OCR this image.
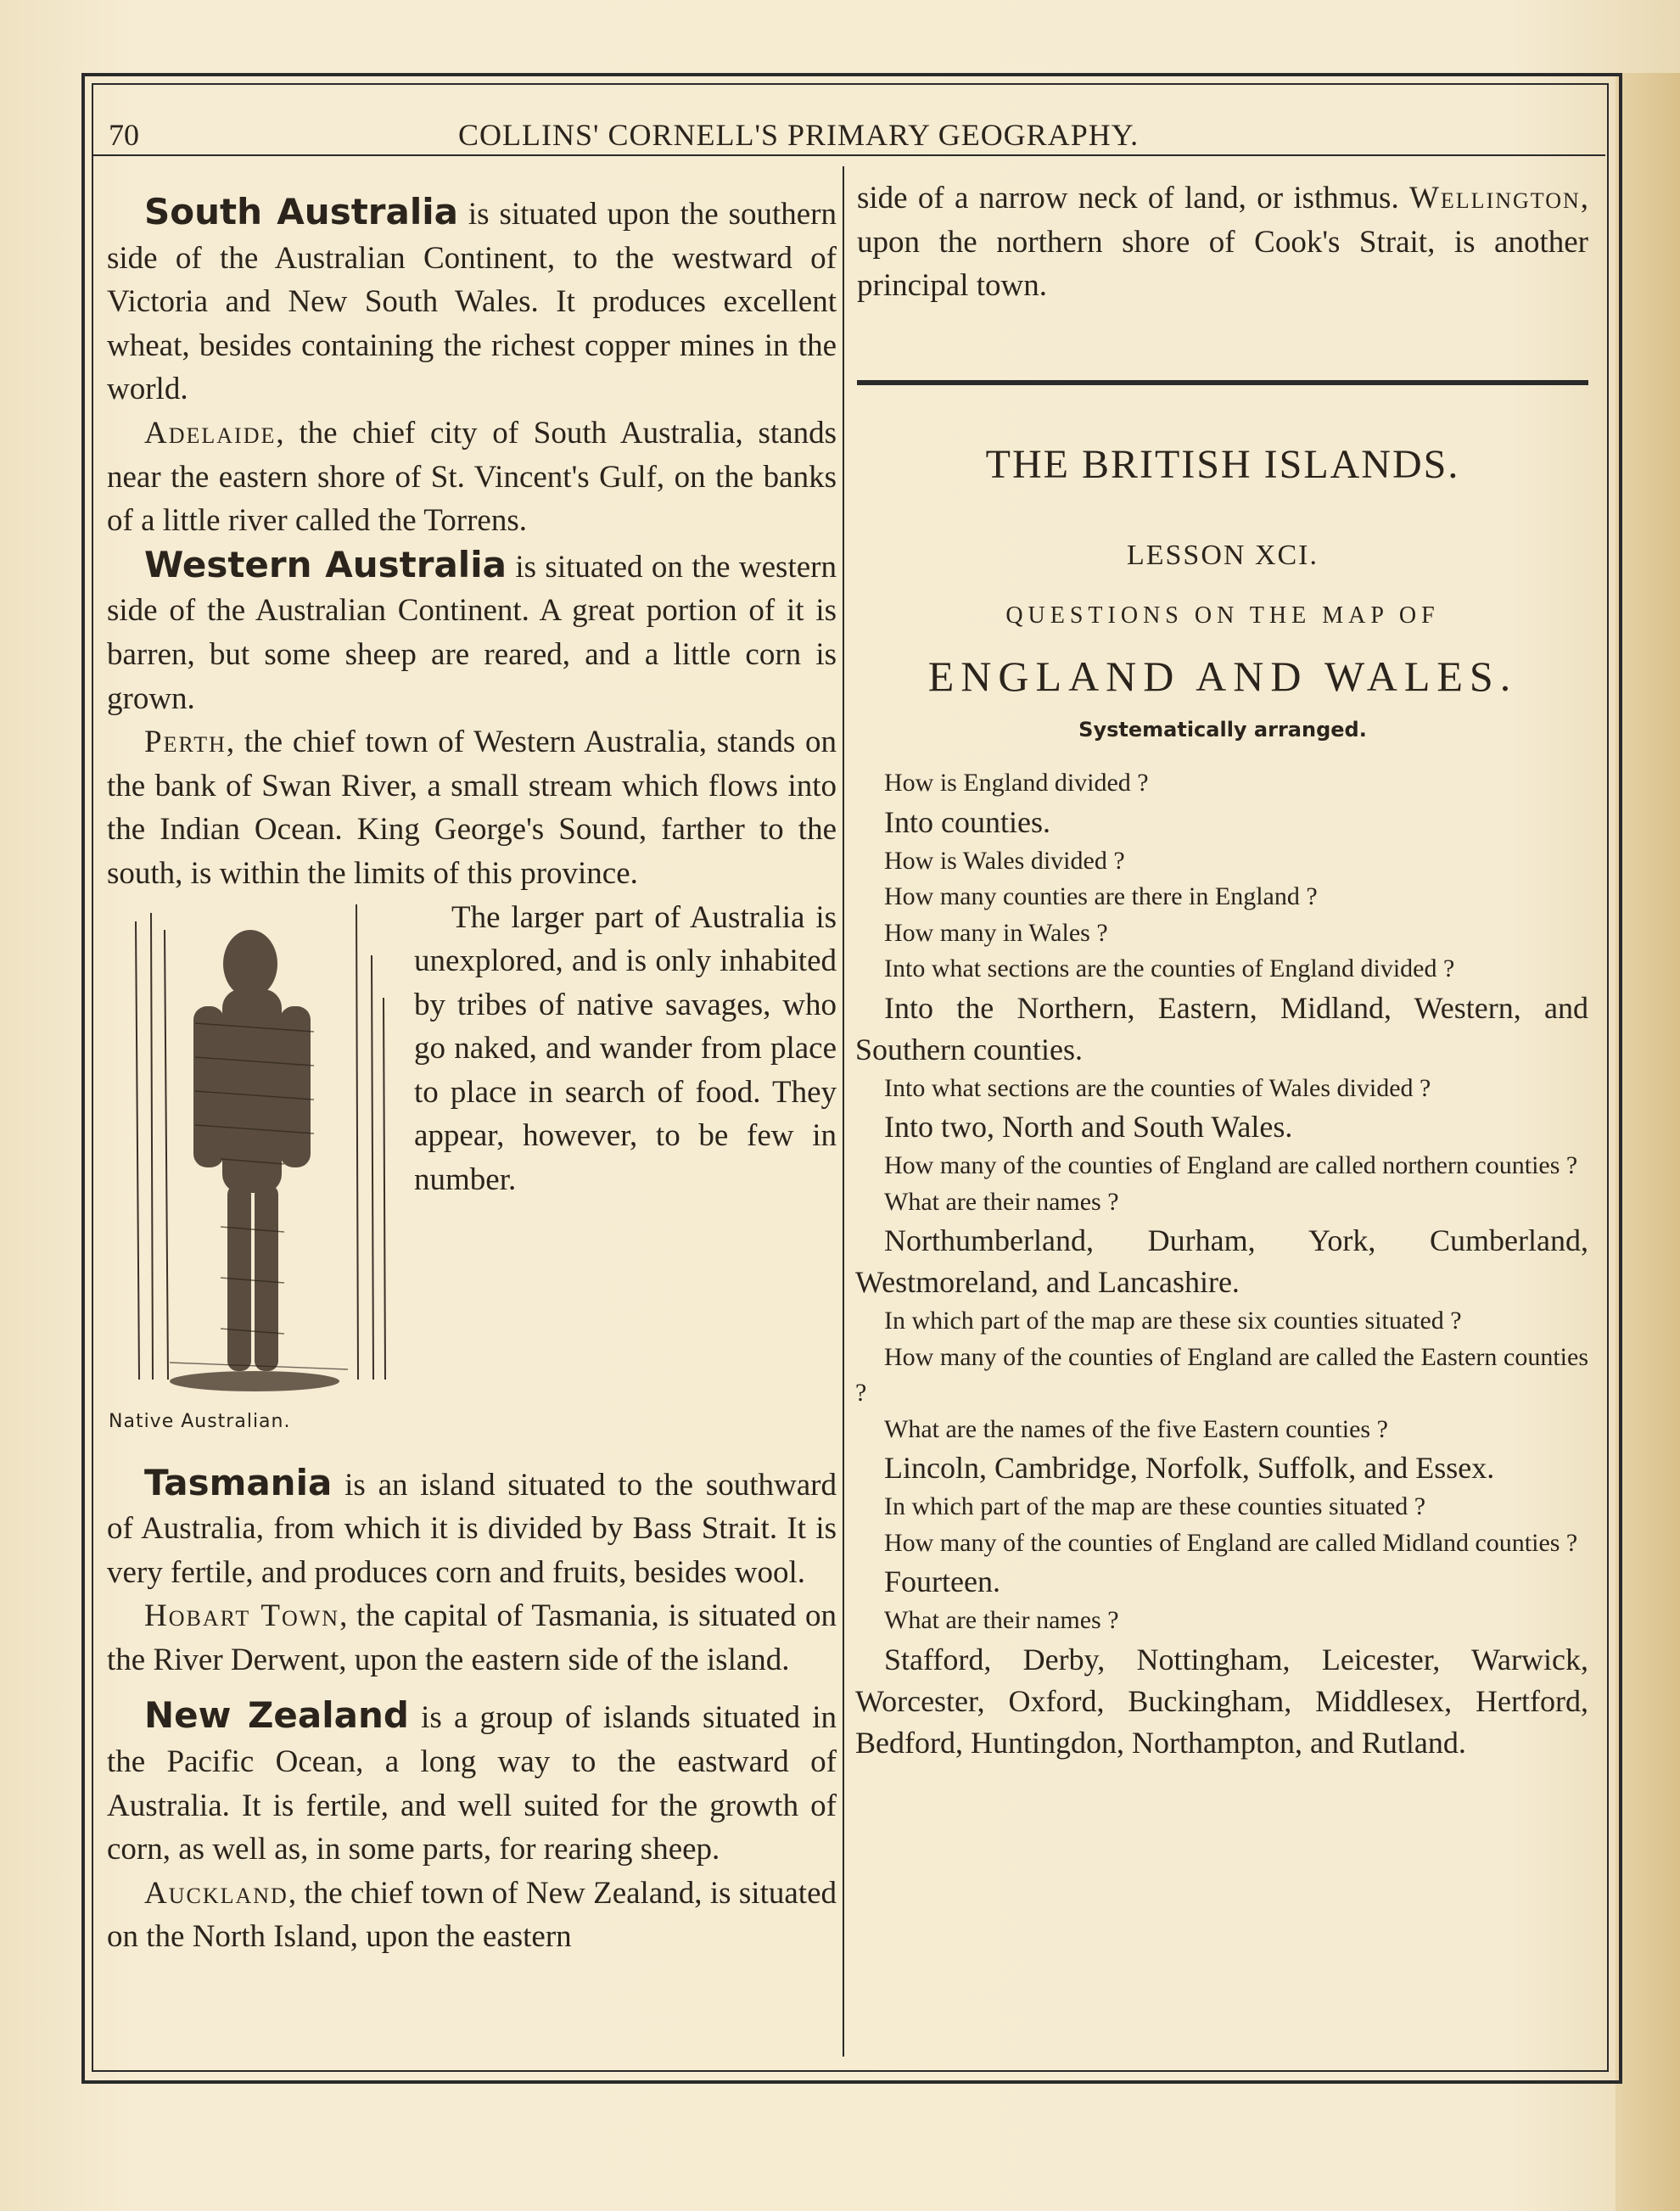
70	COLLINS' CORNELL'S PRIMARY GEOGRAPHY.

South Australia is situated upon the southern side of the Australian Continent, to the westward of Victoria and New South Wales. It produces excellent wheat, besides containing the richest copper mines in the world.

Adelaide, the chief city of South Australia, stands near the eastern shore of St. Vincent's Gulf, on the banks of a little river called the Torrens.

Western Australia is situated on the western side of the Australian Continent. A great portion of it is barren, but some sheep are reared, and a little corn is grown.

Perth, the chief town of Western Australia, stands on the bank of Swan River, a small stream which flows into the Indian Ocean. King George's Sound, farther to the south, is within the limits of this province.

Native Australian.

The larger part of Australia is unexplored, and is only inhabited by tribes of native savages, who go naked, and wander from place to place in search of food. They appear, however, to be few in number.

Tasmania is an island situated to the southward of Australia, from which it is divided by Bass Strait. It is very fertile, and produces corn and fruits, besides wool.

Hobart Town, the capital of Tasmania, is situated on the River Derwent, upon the eastern side of the island.

New Zealand is a group of islands situated in the Pacific Ocean, a long way to the eastward of Australia. It is fertile, and well suited for the growth of corn, as well as, in some parts, for rearing sheep.

Auckland, the chief town of New Zealand, is situated on the North Island, upon the eastern

side of a narrow neck of land, or isthmus. Wellington, upon the northern shore of Cook's Strait, is another principal town.

THE BRITISH ISLANDS.
LESSON XCI.
QUESTIONS ON THE MAP OF
ENGLAND AND WALES.
Systematically arranged.
How is England divided ?
Into counties.
How is Wales divided ?
How many counties are there in England ?
How many in Wales ?
Into what sections are the counties of England divided ?
Into the Northern, Eastern, Midland, Western, and Southern counties.
Into what sections are the counties of Wales divided ?
Into two, North and South Wales.
How many of the counties of England are called northern counties ?
What are their names ?
Northumberland, Durham, York, Cumberland, Westmoreland, and Lancashire.
In which part of the map are these six counties situated ?
How many of the counties of England are called the Eastern counties ?
What are the names of the five Eastern counties ?
Lincoln, Cambridge, Norfolk, Suffolk, and Essex.
In which part of the map are these counties situated ?
How many of the counties of England are called Midland counties ?
Fourteen.
What are their names ?
Stafford, Derby, Nottingham, Leicester, Warwick, Worcester, Oxford, Buckingham, Middlesex, Hertford, Bedford, Huntingdon, Northampton, and Rutland.
